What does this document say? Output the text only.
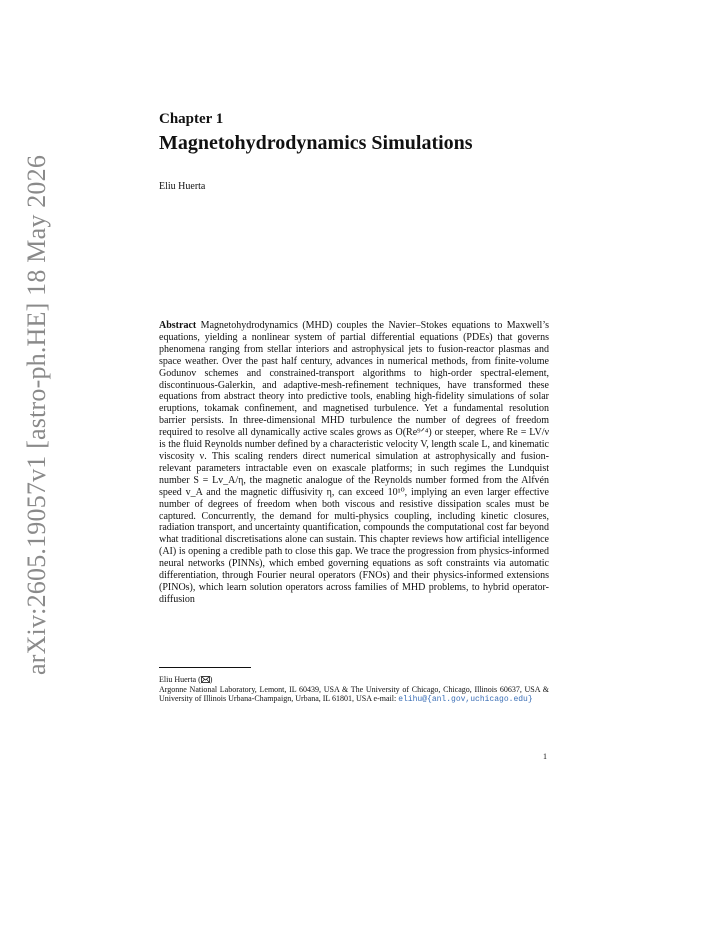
arXiv:2605.19057v1 [astro-ph.HE] 18 May 2026
Chapter 1
Magnetohydrodynamics Simulations
Eliu Huerta
Abstract Magnetohydrodynamics (MHD) couples the Navier–Stokes equations to Maxwell’s equations, yielding a nonlinear system of partial differential equations (PDEs) that governs phenomena ranging from stellar interiors and astrophysical jets to fusion-reactor plasmas and space weather. Over the past half century, advances in numerical methods, from finite-volume Godunov schemes and constrained-transport algorithms to high-order spectral-element, discontinuous-Galerkin, and adaptive-mesh-refinement techniques, have transformed these equations from abstract theory into predictive tools, enabling high-fidelity simulations of solar eruptions, tokamak confinement, and magnetised turbulence. Yet a fundamental resolution barrier persists. In three-dimensional MHD turbulence the number of degrees of freedom required to resolve all dynamically active scales grows as O(Re⁹ᐟ⁴) or steeper, where Re = LV/ν is the fluid Reynolds number defined by a characteristic velocity V, length scale L, and kinematic viscosity ν. This scaling renders direct numerical simulation at astrophysically and fusion-relevant parameters intractable even on exascale platforms; in such regimes the Lundquist number S = Lv_A/η, the magnetic analogue of the Reynolds number formed from the Alfvén speed v_A and the magnetic diffusivity η, can exceed 10¹⁰, implying an even larger effective number of degrees of freedom when both viscous and resistive dissipation scales must be captured. Concurrently, the demand for multi-physics coupling, including kinetic closures, radiation transport, and uncertainty quantification, compounds the computational cost far beyond what traditional discretisations alone can sustain. This chapter reviews how artificial intelligence (AI) is opening a credible path to close this gap. We trace the progression from physics-informed neural networks (PINNs), which embed governing equations as soft constraints via automatic differentiation, through Fourier neural operators (FNOs) and their physics-informed extensions (PINOs), which learn solution operators across families of MHD problems, to hybrid operator-diffusion
Eliu Huerta ( )
Argonne National Laboratory, Lemont, IL 60439, USA & The University of Chicago, Chicago, Illinois 60637, USA & University of Illinois Urbana-Champaign, Urbana, IL 61801, USA e-mail: elihu@{anl.gov,uchicago.edu}
1
